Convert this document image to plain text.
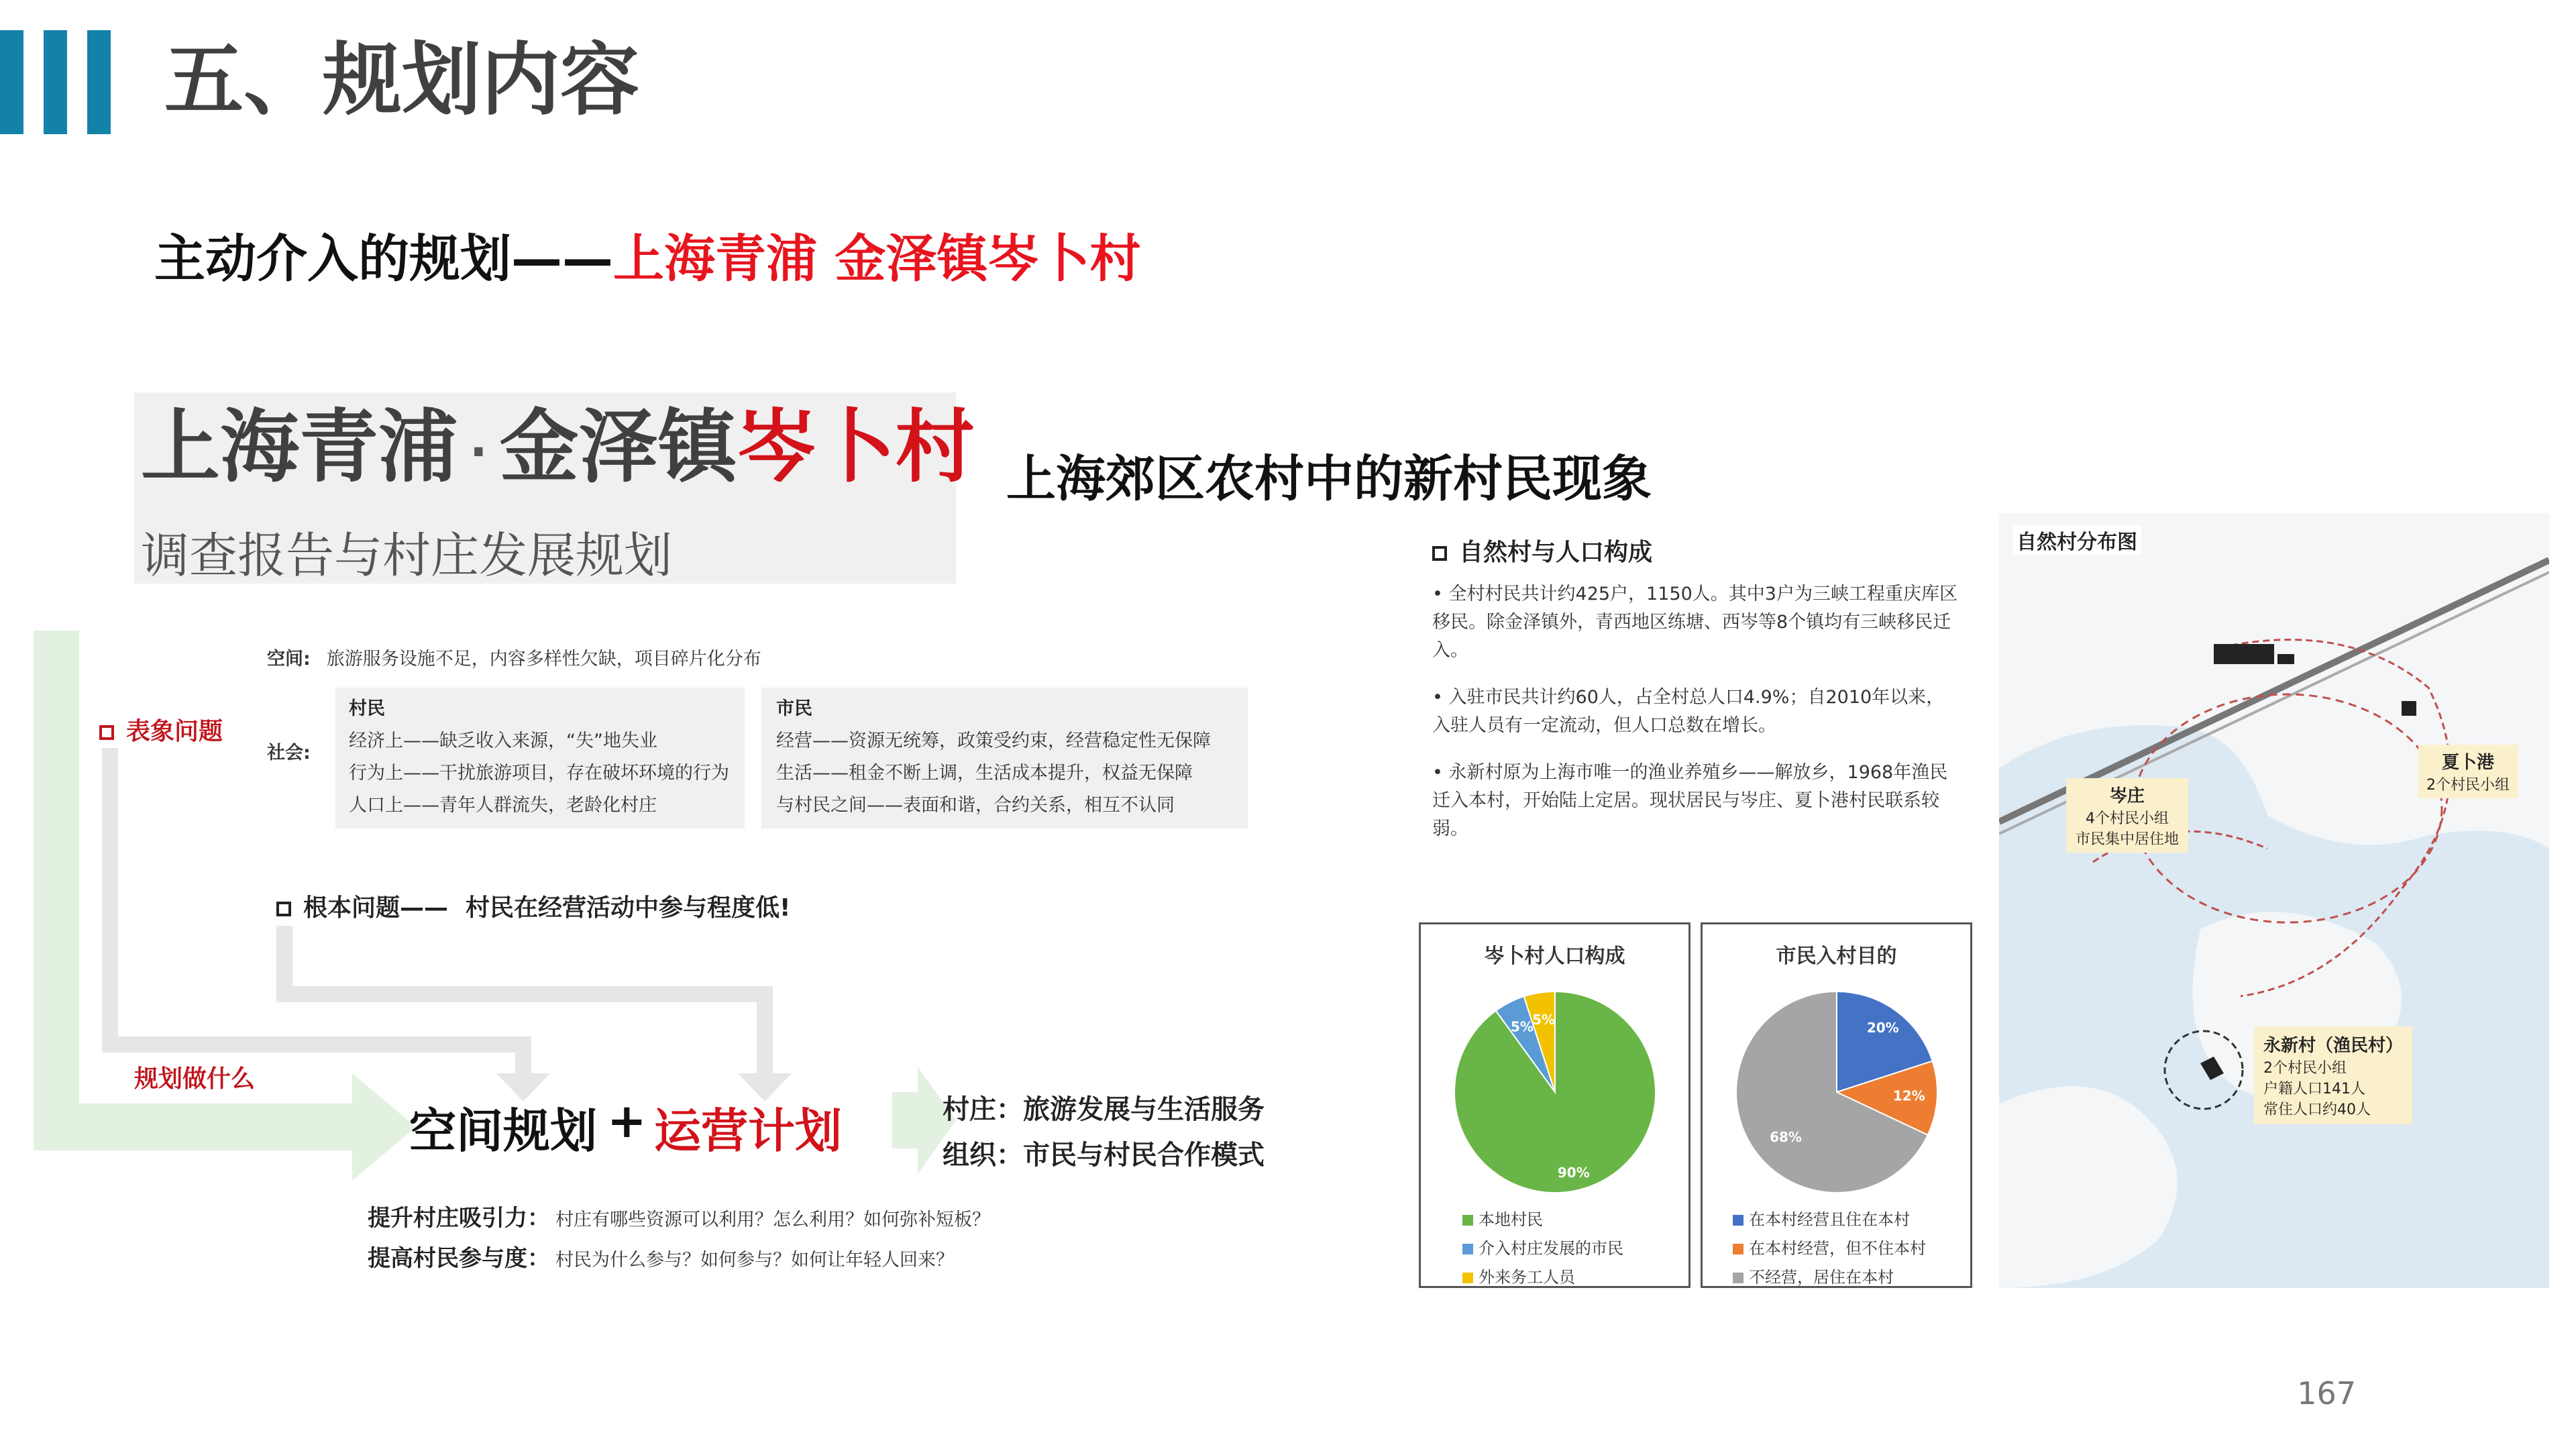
五、规划内容
主动介入的规划——上海青浦 金泽镇岑卜村
上海青浦 · 金泽镇岑卜村
调查报告与村庄发展规划
上海郊区农村中的新村民现象
表象问题
空间: 旅游服务设施不足，内容多样性欠缺，项目碎片化分布
社会:
村民
经济上——缺乏收入来源，“失”地失业
行为上——干扰旅游项目，存在破坏环境的行为
人口上——青年人群流失，老龄化村庄
市民
经营——资源无统筹，政策受约束，经营稳定性无保障
生活——租金不断上调，生活成本提升，权益无保障
与村民之间——表面和谐，合约关系，相互不认同
根本问题—— 村民在经营活动中参与程度低!
规划做什么
空间规划 + 运营计划	村庄：旅游发展与生活服务
组织：市民与村民合作模式
提升村庄吸引力： 村庄有哪些资源可以利用？怎么利用？如何弥补短板？
提高村民参与度： 村民为什么参与？如何参与？如何让年轻人回来？
自然村与人口构成
• 全村村民共计约425户，1150人。其中3户为三峡工程重庆库区移民。除金泽镇外，青西地区练塘、西岑等8个镇均有三峡移民迁入。
• 入驻市民共计约60人，占全村总人口4.9%；自2010年以来，入驻人员有一定流动，但人口总数在增长。
• 永新村原为上海市唯一的渔业养殖乡——解放乡，1968年渔民迁入本村，开始陆上定居。现状居民与岑庄、夏卜港村民联系较弱。
岑卜村人口构成
90%
5%
5%
本地村民
介入村庄发展的市民
外来务工人员
市民入村目的
20%
12%
68%
在本村经营且住在本村
在本村经营，但不住本村
不经营，居住在本村
自然村分布图
夏卜港
2个村民小组
岑庄
4个村民小组
市民集中居住地
永新村（渔民村）
2个村民小组
户籍人口141人
常住人口约40人
167
